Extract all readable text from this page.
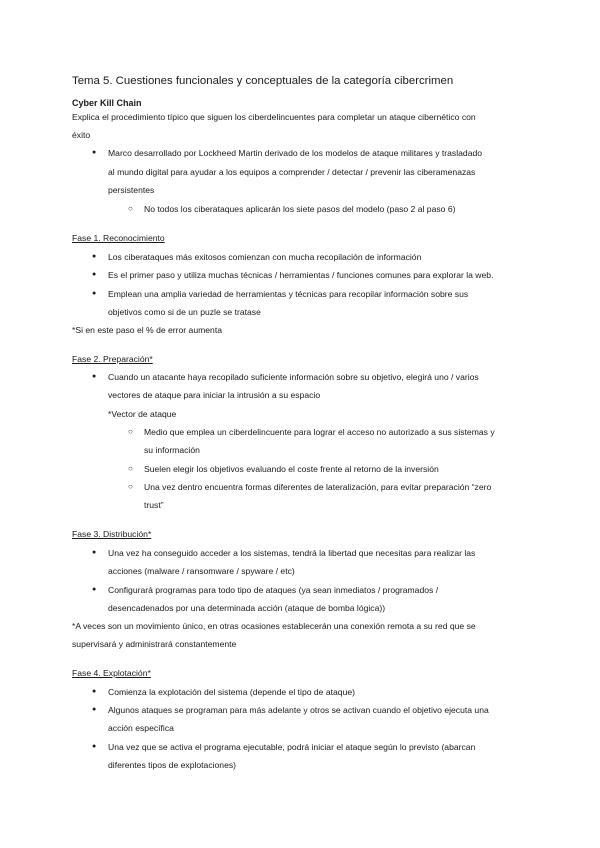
Tema 5. Cuestiones funcionales y conceptuales de la categoría cibercrimen
Cyber Kill Chain
Explica el procedimiento típico que siguen los ciberdelincuentes para completar un ataque cibernético con
éxito
● Marco desarrollado por Lockheed Martin derivado de los modelos de ataque militares y trasladado
al mundo digital para ayudar a los equipos a comprender / detectar / prevenir las ciberamenazas
persistentes
○ No todos los ciberataques aplicarán los siete pasos del modelo (paso 2 al paso 6)
Fase 1. Reconocimiento
● Los ciberataques más exitosos comienzan con mucha recopilación de información
● Es el primer paso y utiliza muchas técnicas / herramientas / funciones comunes para explorar la web.
● Emplean una amplia variedad de herramientas y técnicas para recopilar información sobre sus
objetivos como si de un puzle se tratase
*Si en este paso el % de error aumenta
Fase 2. Preparación*
● Cuando un atacante haya recopilado suficiente información sobre su objetivo, elegirá uno / varios
vectores de ataque para iniciar la intrusión a su espacio
*Vector de ataque
○ Medio que emplea un ciberdelincuente para lograr el acceso no autorizado a sus sistemas y
su información
○ Suelen elegir los objetivos evaluando el coste frente al retorno de la inversión
○ Una vez dentro encuentra formas diferentes de lateralización, para evitar preparación “zero
trust”
Fase 3. Distribución*
● Una vez ha conseguido acceder a los sistemas, tendrá la libertad que necesitas para realizar las
acciones (malware / ransomware / spyware / etc)
● Configurará programas para todo tipo de ataques (ya sean inmediatos / programados /
desencadenados por una determinada acción (ataque de bomba lógica))
*A veces son un movimiento único, en otras ocasiones establecerán una conexión remota a su red que se
supervisará y administrará constantemente
Fase 4. Explotación*
● Comienza la explotación del sistema (depende el tipo de ataque)
● Algunos ataques se programan para más adelante y otros se activan cuando el objetivo ejecuta una
acción específica
● Una vez que se activa el programa ejecutable, podrá iniciar el ataque según lo previsto (abarcan
diferentes tipos de explotaciones)
